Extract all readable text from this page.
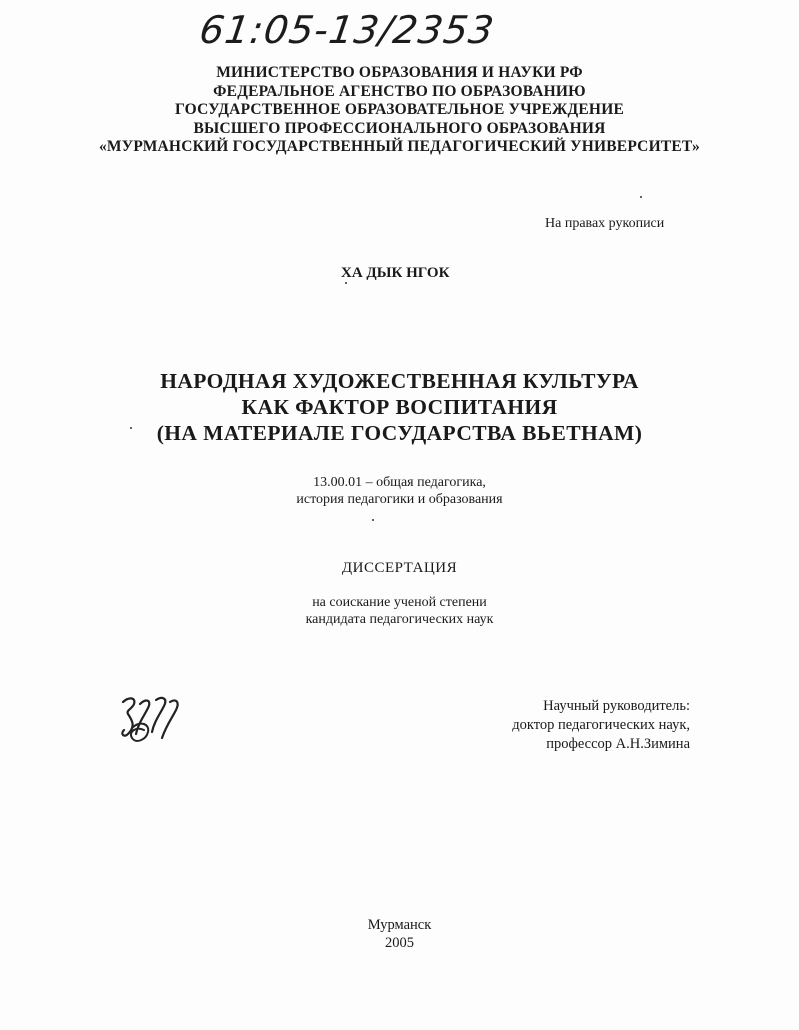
61:05-13/2353
МИНИСТЕРСТВО ОБРАЗОВАНИЯ И НАУКИ РФ
ФЕДЕРАЛЬНОЕ АГЕНСТВО ПО ОБРАЗОВАНИЮ
ГОСУДАРСТВЕННОЕ ОБРАЗОВАТЕЛЬНОЕ УЧРЕЖДЕНИЕ
ВЫСШЕГО ПРОФЕССИОНАЛЬНОГО ОБРАЗОВАНИЯ
«МУРМАНСКИЙ ГОСУДАРСТВЕННЫЙ ПЕДАГОГИЧЕСКИЙ УНИВЕРСИТЕТ»
На правах рукописи
ХА ДЫК НГОК
НАРОДНАЯ ХУДОЖЕСТВЕННАЯ КУЛЬТУРА
КАК ФАКТОР ВОСПИТАНИЯ
(НА МАТЕРИАЛЕ ГОСУДАРСТВА ВЬЕТНАМ)
13.00.01 – общая педагогика,
история педагогики и образования
ДИССЕРТАЦИЯ
на соискание ученой степени
кандидата педагогических наук
Научный руководитель:
доктор педагогических наук,
профессор А.Н.Зимина
Мурманск
2005
